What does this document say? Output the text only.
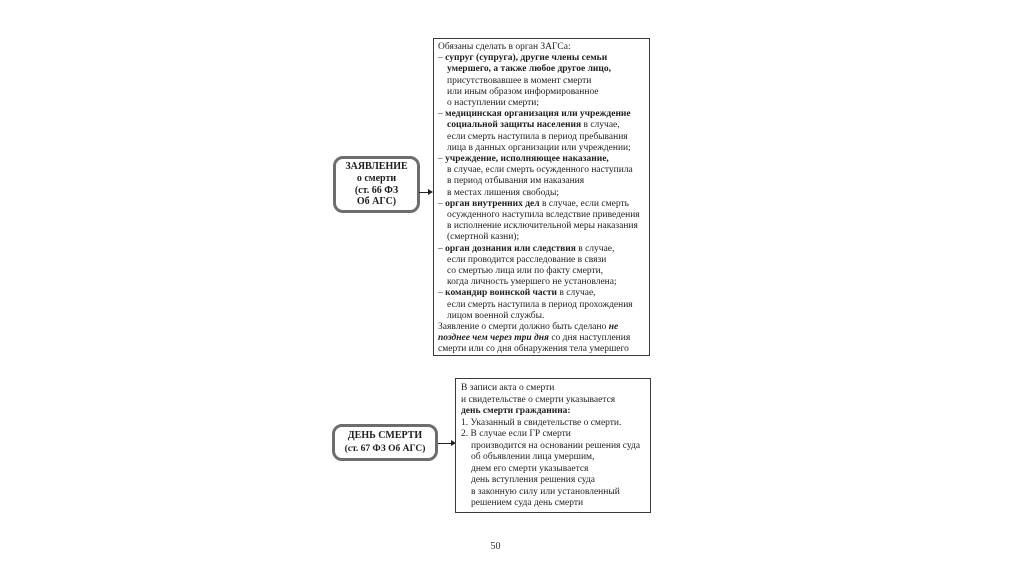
ЗАЯВЛЕНИЕ
о смерти
(ст. 66 ФЗ
Об АГС)
Обязаны сделать в орган ЗАГСа:
– супруг (супруга), другие члены семьи
умершего, а также любое другое лицо,
присутствовавшее в момент смерти
или иным образом информированное
о наступлении смерти;
– медицинская организация или учреждение
социальной защиты населения в случае,
если смерть наступила в период пребывания
лица в данных организации или учреждении;
– учреждение, исполняющее наказание,
в случае, если смерть осужденного наступила
в период отбывания им наказания
в местах лишения свободы;
– орган внутренних дел в случае, если смерть
осужденного наступила вследствие приведения
в исполнение исключительной меры наказания
(смертной казни);
– орган дознания или следствия в случае,
если проводится расследование в связи
со смертью лица или по факту смерти,
когда личность умершего не установлена;
– командир воинской части в случае,
если смерть наступила в период прохождения
лицом военной службы.
Заявление о смерти должно быть сделано не
позднее чем через три дня со дня наступления
смерти или со дня обнаружения тела умершего
ДЕНЬ СМЕРТИ
(ст. 67 ФЗ Об АГС)
В записи акта о смерти
и свидетельстве о смерти указывается
день смерти гражданина:
1. Указанный в свидетельстве о смерти.
2. В случае если ГР смерти
производится на основании решения суда
об объявлении лица умершим,
днем его смерти указывается
день вступления решения суда
в законную силу или установленный
решением суда день смерти
50
